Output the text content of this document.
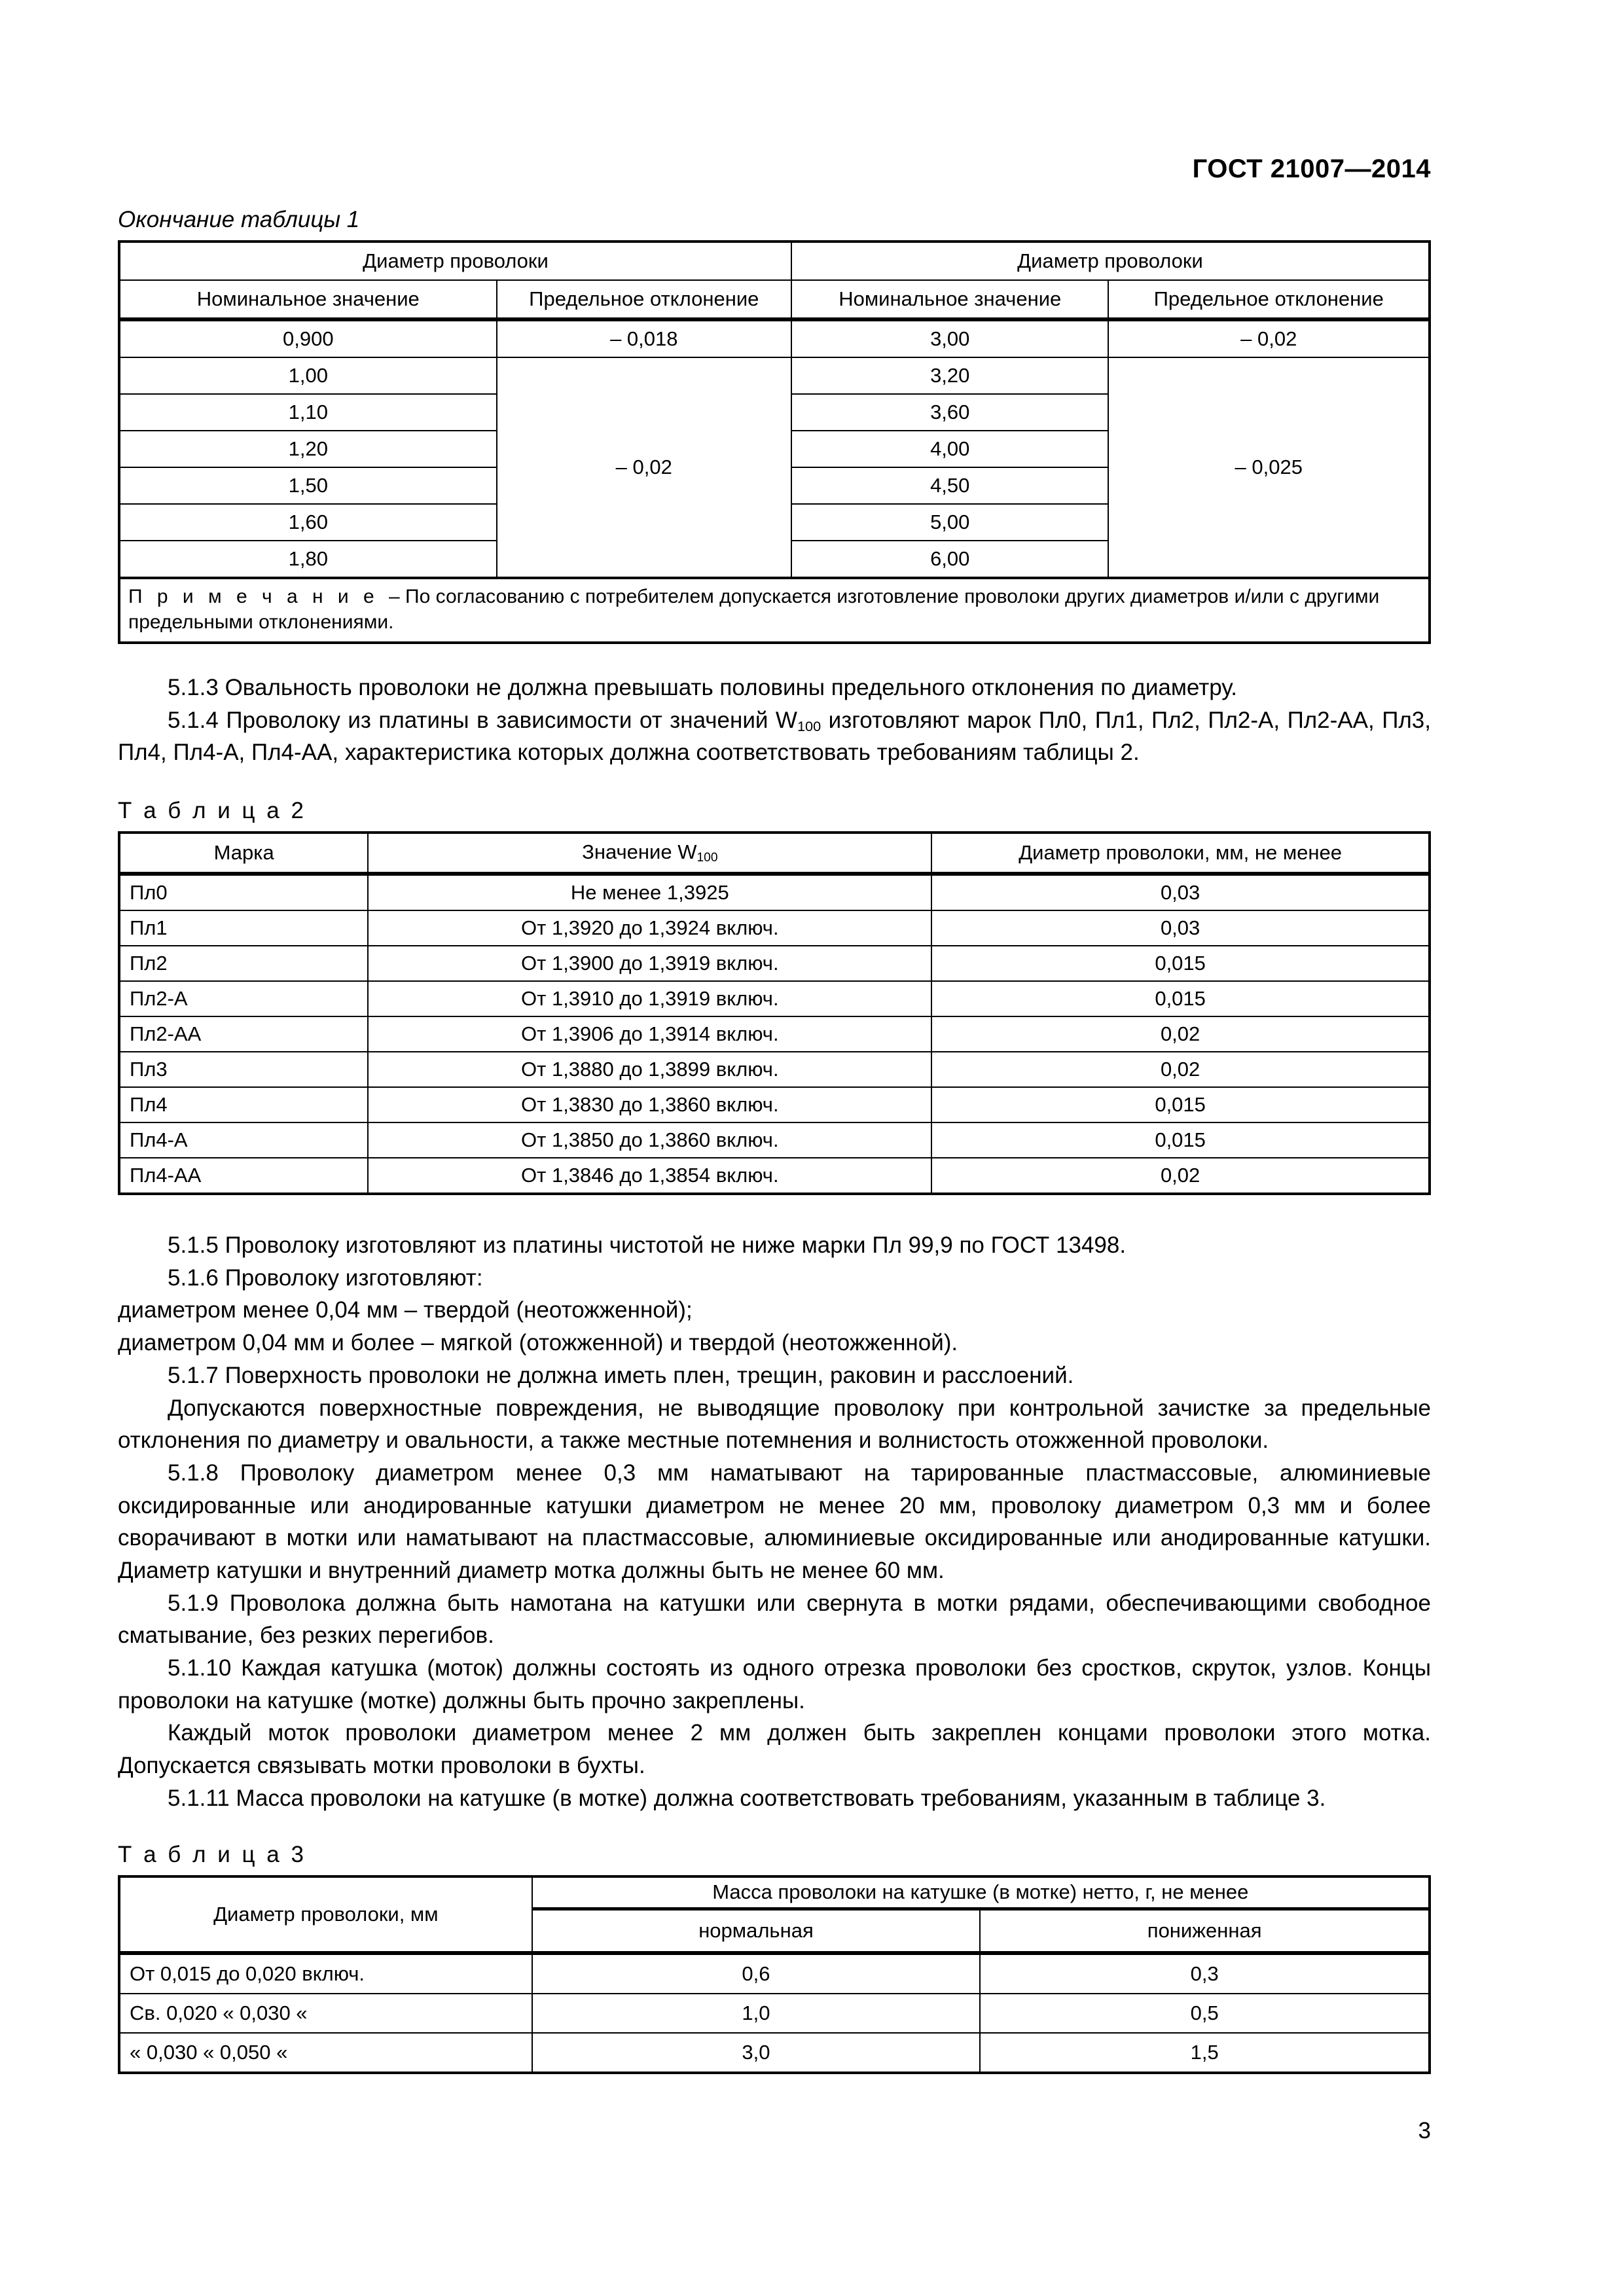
ГОСТ 21007—2014
Окончание таблицы 1
Диаметр проволоки		Диаметр проволоки	
Номинальное значение	Предельное отклонение	Номинальное значение	Предельное отклонение
0,900	– 0,018	3,00	– 0,02
1,00	– 0,02	3,20	– 0,025
1,10		3,60	
1,20		4,00	
1,50		4,50	
1,60		5,00	
1,80		6,00	
П р и м е ч а н и е – По согласованию с потребителем допускается изготовление проволоки других диаметров и/или с другими предельными отклонениями.			

5.1.3 Овальность проволоки не должна превышать половины предельного отклонения по диаметру.

5.1.4 Проволоку из платины в зависимости от значений $W_{100}$ изготовляют марок Пл0, Пл1, Пл2, Пл2-А, Пл2-АА, Пл3, Пл4, Пл4-А, Пл4-АА, характеристика которых должна соответствовать требованиям таблицы 2.

Т а б л и ц а 2
Марка	Значение $W_{100}$	Диаметр проволоки, мм, не менее
Пл0	Не менее 1,3925	0,03
Пл1	От 1,3920 до 1,3924 включ.	0,03
Пл2	От 1,3900 до 1,3919 включ.	0,015
Пл2-А	От 1,3910 до 1,3919 включ.	0,015
Пл2-АА	От 1,3906 до 1,3914 включ.	0,02
Пл3	От 1,3880 до 1,3899 включ.	0,02
Пл4	От 1,3830 до 1,3860 включ.	0,015
Пл4-А	От 1,3850 до 1,3860 включ.	0,015
Пл4-АА	От 1,3846 до 1,3854 включ.	0,02

5.1.5 Проволоку изготовляют из платины чистотой не ниже марки Пл 99,9 по ГОСТ 13498.

5.1.6 Проволоку изготовляют:

диаметром менее 0,04 мм – твердой (неотожженной);

диаметром 0,04 мм и более – мягкой (отожженной) и твердой (неотожженной).

5.1.7 Поверхность проволоки не должна иметь плен, трещин, раковин и расслоений.

Допускаются поверхностные повреждения, не выводящие проволоку при контрольной зачистке за предельные отклонения по диаметру и овальности, а также местные потемнения и волнистость отожженной проволоки.

5.1.8 Проволоку диаметром менее 0,3 мм наматывают на тарированные пластмассовые, алюминиевые оксидированные или анодированные катушки диаметром не менее 20 мм, проволоку диаметром 0,3 мм и более сворачивают в мотки или наматывают на пластмассовые, алюминиевые оксидированные или анодированные катушки. Диаметр катушки и внутренний диаметр мотка должны быть не менее 60 мм.

5.1.9 Проволока должна быть намотана на катушки или свернута в мотки рядами, обеспечивающими свободное сматывание, без резких перегибов.

5.1.10 Каждая катушка (моток) должны состоять из одного отрезка проволоки без сростков, скруток, узлов. Концы проволоки на катушке (мотке) должны быть прочно закреплены.

Каждый моток проволоки диаметром менее 2 мм должен быть закреплен концами проволоки этого мотка. Допускается связывать мотки проволоки в бухты.

5.1.11 Масса проволоки на катушке (в мотке) должна соответствовать требованиям, указанным в таблице 3.

Т а б л и ц а 3
Диаметр проволоки, мм	Масса проволоки на катушке (в мотке) нетто, г, не менее	
	нормальная	пониженная
От 0,015 до 0,020 включ.	0,6	0,3
Св. 0,020 « 0,030 «	1,0	0,5
« 0,030 « 0,050 «	3,0	1,5
3
